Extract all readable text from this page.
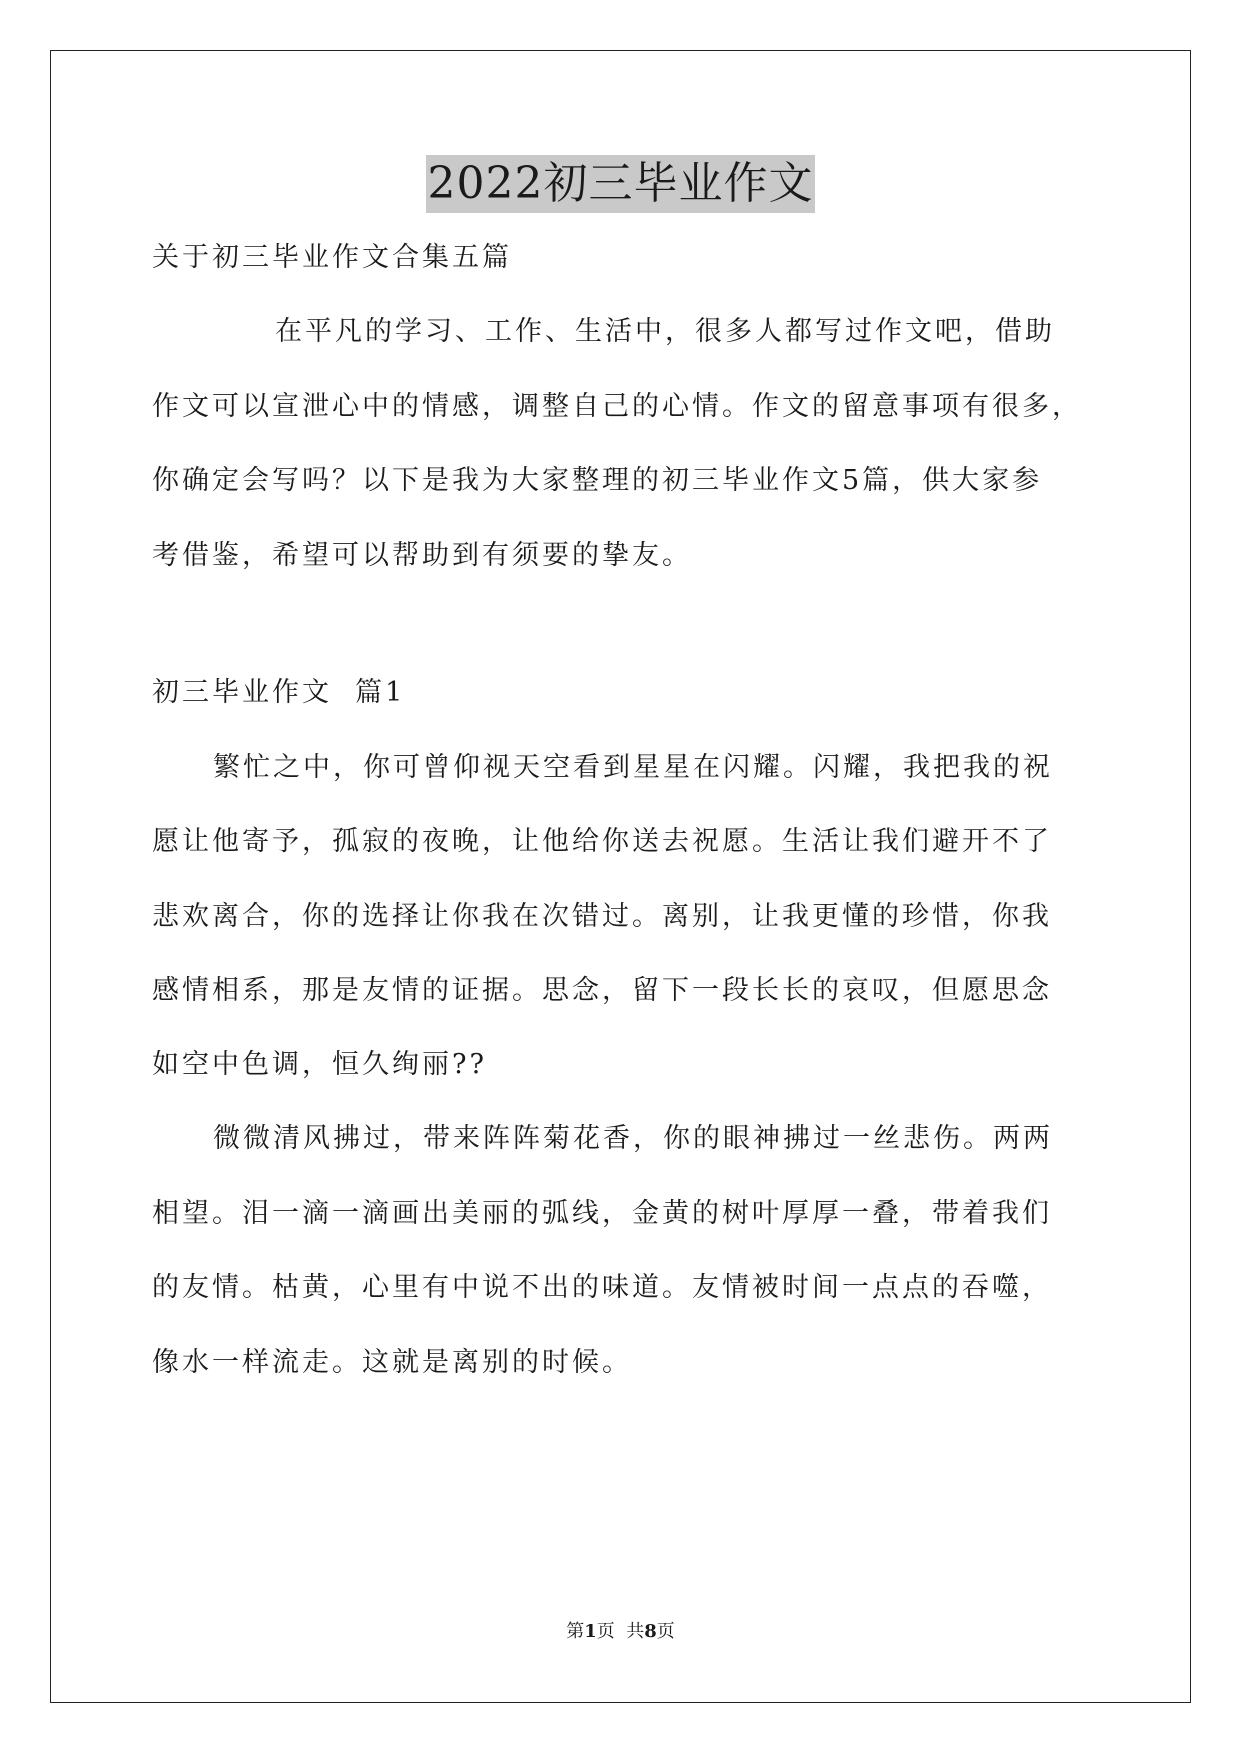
2022初三毕业作文
关于初三毕业作文合集五篇
在平凡的学习、工作、生活中，很多人都写过作文吧，借助
作文可以宣泄心中的情感，调整自己的心情。作文的留意事项有很多，
你确定会写吗？以下是我为大家整理的初三毕业作文5篇，供大家参
考借鉴，希望可以帮助到有须要的挚友。
初三毕业作文  篇1
繁忙之中，你可曾仰视天空看到星星在闪耀。闪耀，我把我的祝
愿让他寄予，孤寂的夜晚，让他给你送去祝愿。生活让我们避开不了
悲欢离合，你的选择让你我在次错过。离别，让我更懂的珍惜，你我
感情相系，那是友情的证据。思念，留下一段长长的哀叹，但愿思念
如空中色调，恒久绚丽??
微微清风拂过，带来阵阵菊花香，你的眼神拂过一丝悲伤。两两
相望。泪一滴一滴画出美丽的弧线，金黄的树叶厚厚一叠，带着我们
的友情。枯黄，心里有中说不出的味道。友情被时间一点点的吞噬，
像水一样流走。这就是离别的时候。
第1页  共8页
